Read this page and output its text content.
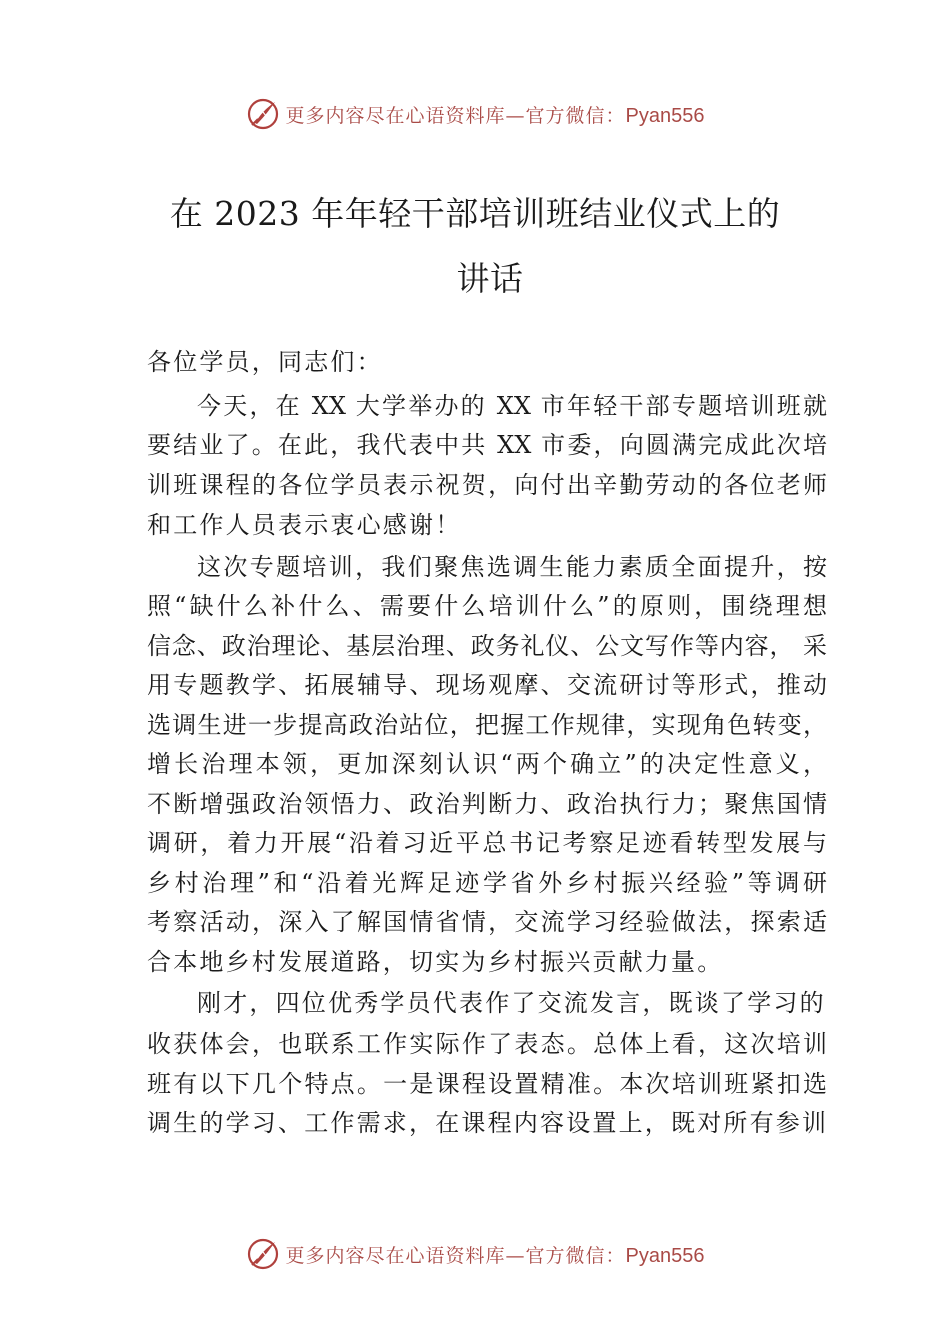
更多内容尽在心语资料库—官方微信：Pyan556
在 2023 年年轻干部培训班结业仪式上的
讲话
各位学员，同志们：
今天，在 XX 大学举办的 XX 市年轻干部专题培训班就
要结业了。在此，我代表中共 XX 市委，向圆满完成此次培
训班课程的各位学员表示祝贺，向付出辛勤劳动的各位老师
和工作人员表示衷心感谢！
这次专题培训，我们聚焦选调生能力素质全面提升，按
照“缺什么补什么、需要什么培训什么”的原则，围绕理想
信念、政治理论、基层治理、政务礼仪、公文写作等内容， 采
用专题教学、拓展辅导、现场观摩、交流研讨等形式，推动
选调生进一步提高政治站位，把握工作规律，实现角色转变，
增长治理本领，更加深刻认识“两个确立”的决定性意义，
不断增强政治领悟力、政治判断力、政治执行力；聚焦国情
调研，着力开展“沿着习近平总书记考察足迹看转型发展与
乡村治理”和“沿着光辉足迹学省外乡村振兴经验”等调研
考察活动，深入了解国情省情，交流学习经验做法，探索适
合本地乡村发展道路，切实为乡村振兴贡献力量。
刚才，四位优秀学员代表作了交流发言，既谈了学习的
收获体会，也联系工作实际作了表态。总体上看，这次培训
班有以下几个特点。一是课程设置精准。本次培训班紧扣选
调生的学习、工作需求，在课程内容设置上，既对所有参训
更多内容尽在心语资料库—官方微信：Pyan556
